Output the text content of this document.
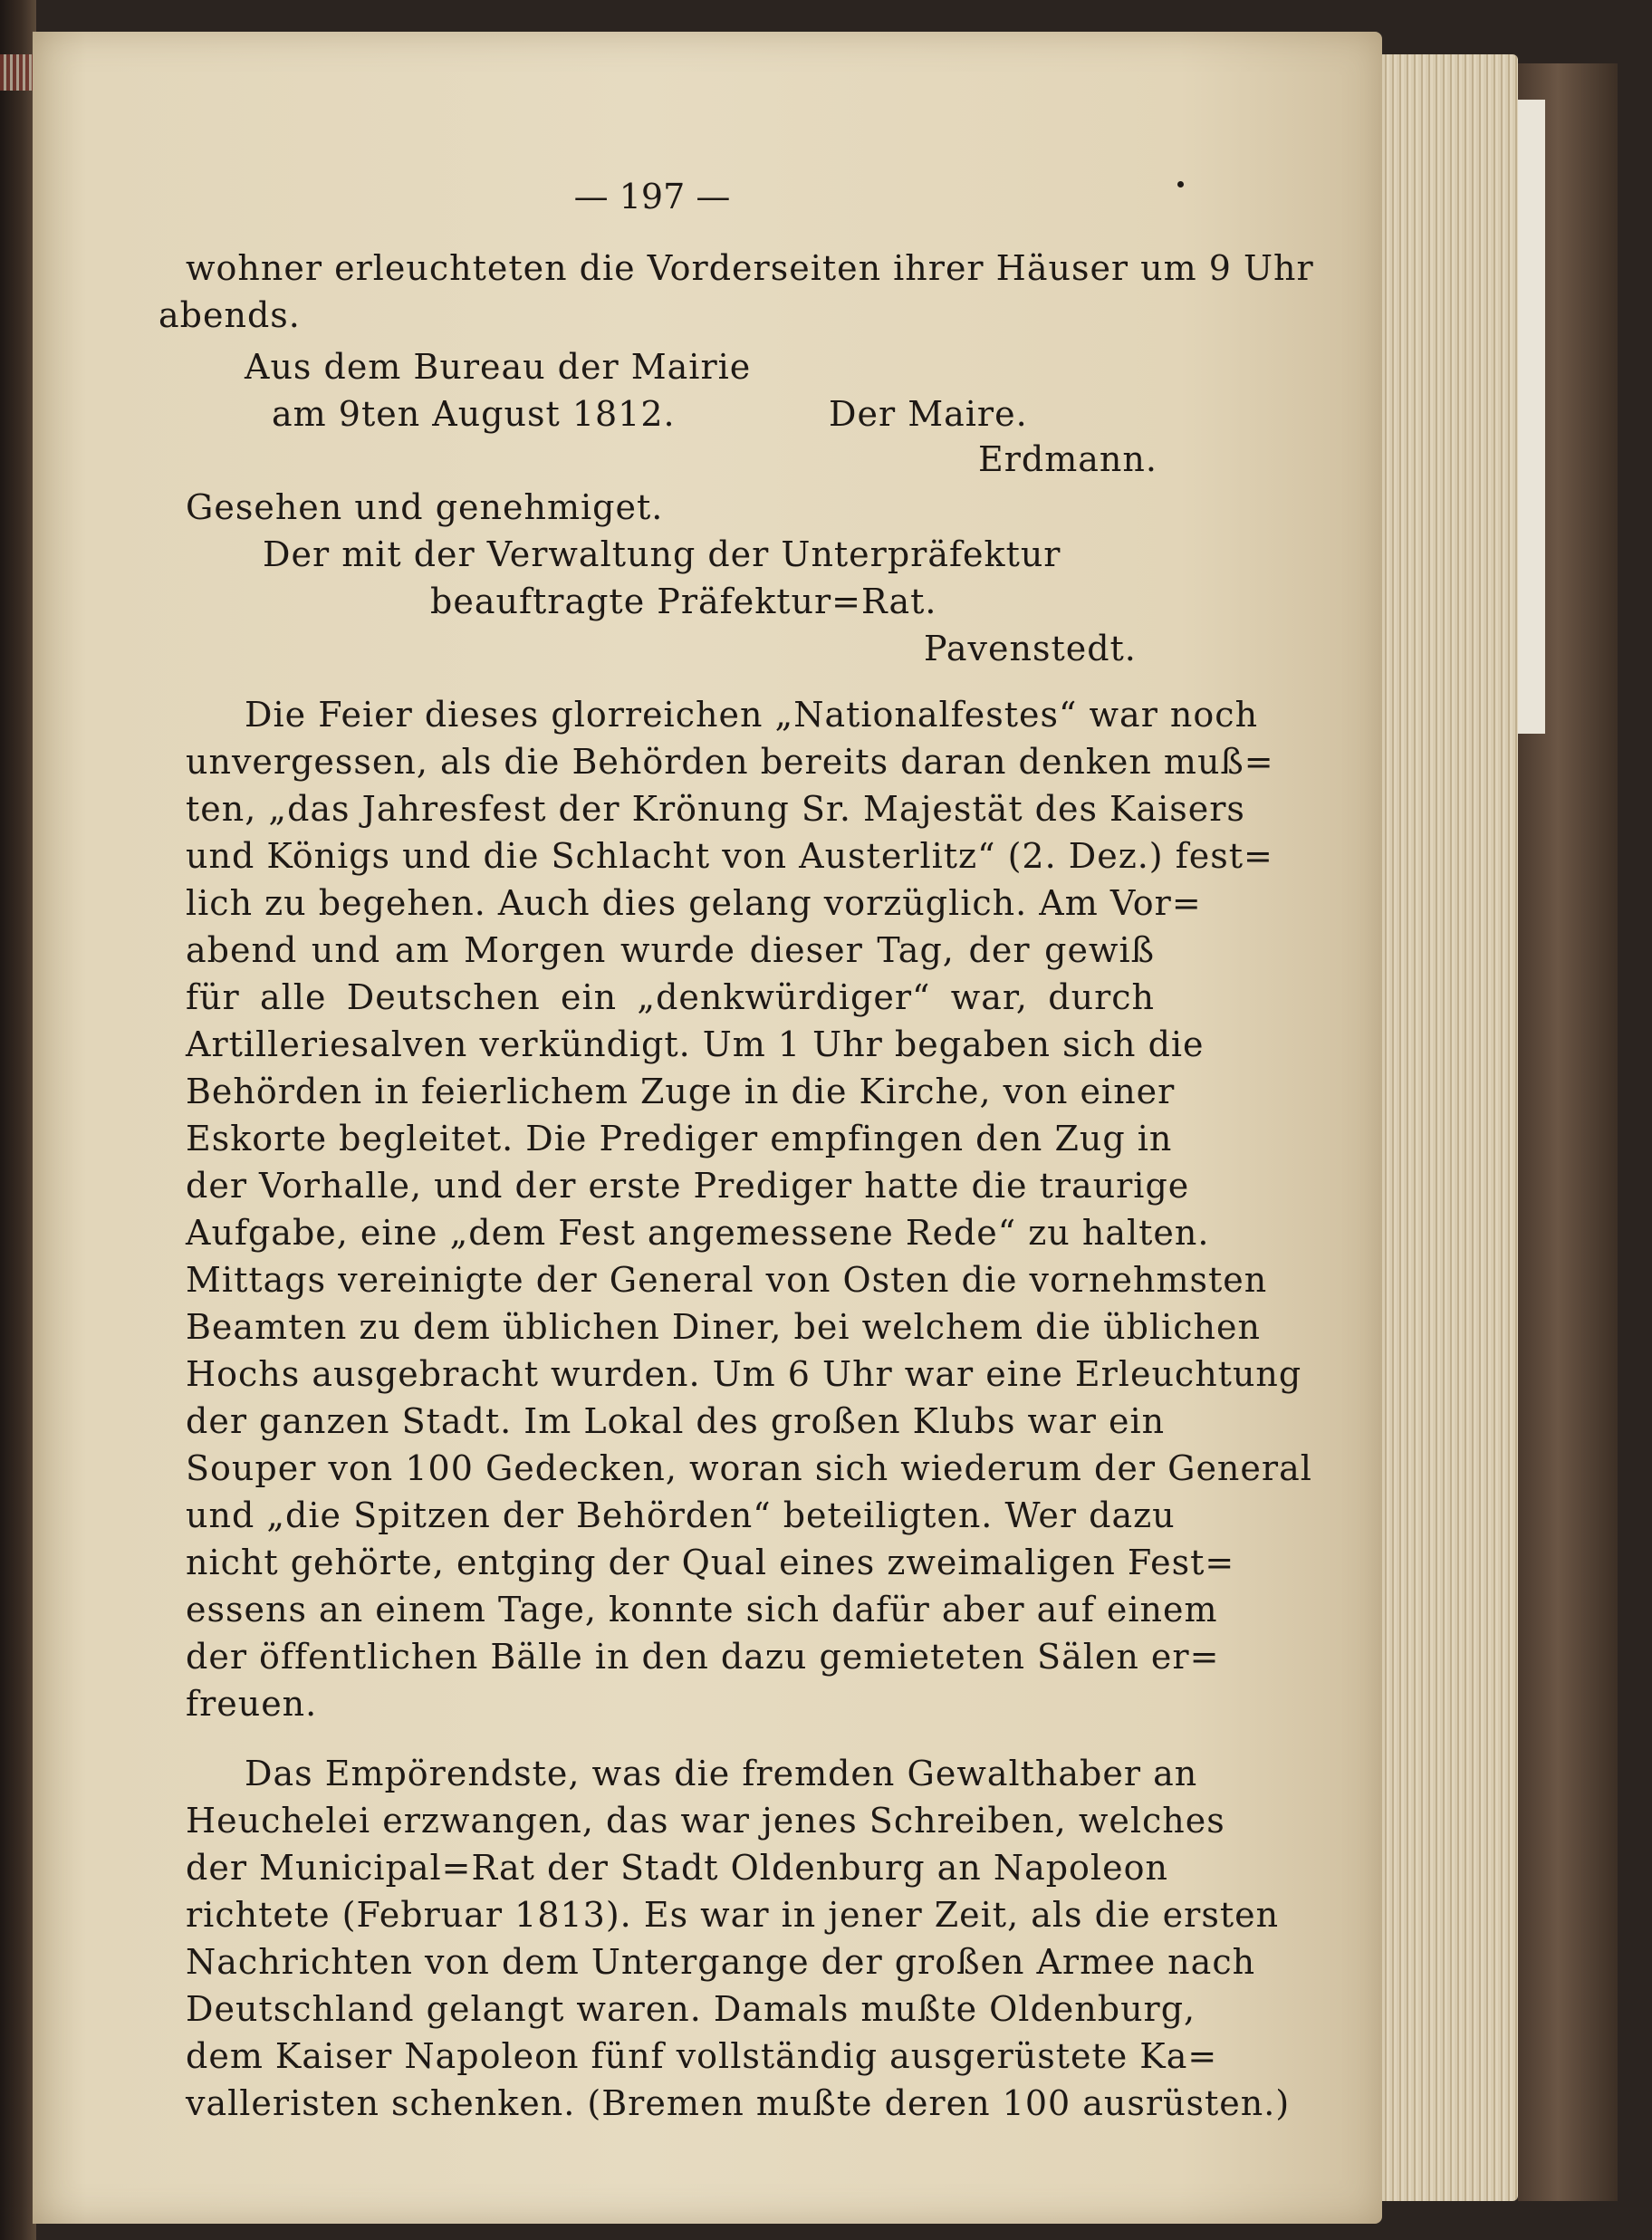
— 197 —
wohner erleuchteten die Vorderseiten ihrer Häuser um 9 Uhr
abends.
Aus dem Bureau der Mairie
am 9ten August 1812.	Der Maire.
Erdmann.
Gesehen und genehmiget.
Der mit der Verwaltung der Unterpräfektur
beauftragte Präfektur=Rat.
Pavenstedt.
Die Feier dieses glorreichen „Nationalfestes“ war noch
unvergessen, als die Behörden bereits daran denken muß=
ten, „das Jahresfest der Krönung Sr. Majestät des Kaisers
und Königs und die Schlacht von Austerlitz“ (2. Dez.) fest=
lich zu begehen. Auch dies gelang vorzüglich. Am Vor=
abend und am Morgen wurde dieser Tag, der gewiß
für alle Deutschen ein „denkwürdiger“ war, durch
Artilleriesalven verkündigt. Um 1 Uhr begaben sich die
Behörden in feierlichem Zuge in die Kirche, von einer
Eskorte begleitet. Die Prediger empfingen den Zug in
der Vorhalle, und der erste Prediger hatte die traurige
Aufgabe, eine „dem Fest angemessene Rede“ zu halten.
Mittags vereinigte der General von Osten die vornehmsten
Beamten zu dem üblichen Diner, bei welchem die üblichen
Hochs ausgebracht wurden. Um 6 Uhr war eine Erleuchtung
der ganzen Stadt. Im Lokal des großen Klubs war ein
Souper von 100 Gedecken, woran sich wiederum der General
und „die Spitzen der Behörden“ beteiligten. Wer dazu
nicht gehörte, entging der Qual eines zweimaligen Fest=
essens an einem Tage, konnte sich dafür aber auf einem
der öffentlichen Bälle in den dazu gemieteten Sälen er=
freuen.
Das Empörendste, was die fremden Gewalthaber an
Heuchelei erzwangen, das war jenes Schreiben, welches
der Municipal=Rat der Stadt Oldenburg an Napoleon
richtete (Februar 1813). Es war in jener Zeit, als die ersten
Nachrichten von dem Untergange der großen Armee nach
Deutschland gelangt waren. Damals mußte Oldenburg,
dem Kaiser Napoleon fünf vollständig ausgerüstete Ka=
valleristen schenken. (Bremen mußte deren 100 ausrüsten.)
